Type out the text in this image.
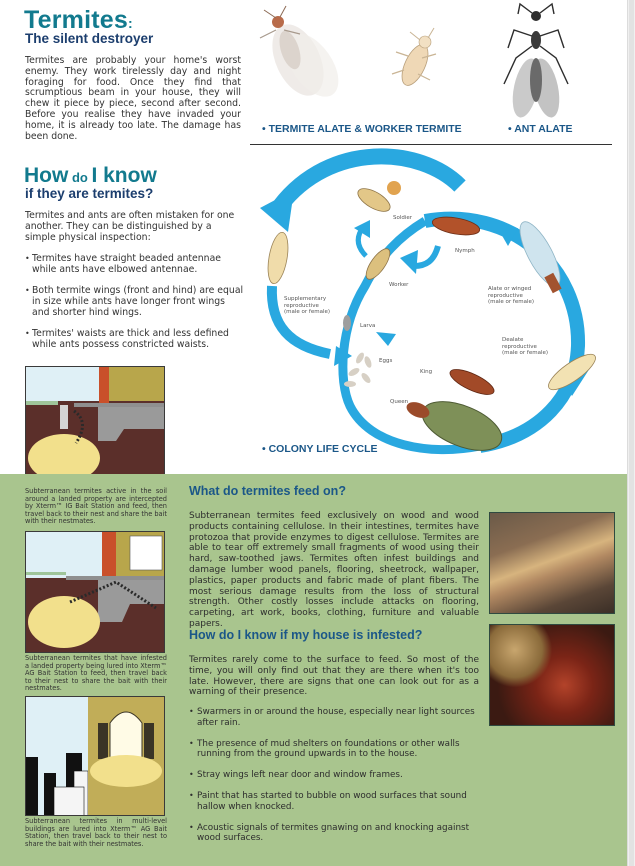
Termites:
The silent destroyer

Termites are probably your home's worst enemy. They work tirelessly day and night foraging for food. Once they find that scrumptious beam in your house, they will chew it piece by piece, second after second. Before you realise they have invaded your home, it is already too late. The damage has been done.

How do I know
if they are termites?

Termites and ants are often mistaken for one another. They can be distinguished by a simple physical inspection:

• Termites have straight beaded antennae while ants have elbowed antennae.
• Both termite wings (front and hind) are equal in size while ants have longer front wings and shorter hind wings.
• Termites' waists are thick and less defined while ants possess constricted waists.
• TERMITE ALATE & WORKER TERMITE	• ANT ALATE
Soldier
Nymph
Worker
Supplementary
reproductive
(male or female)
Alate or winged
reproductive
(male or female)
Larva
Dealate
reproductive
(male or female)
Eggs
King
Queen
• COLONY LIFE CYCLE
Subterranean termites active in the soil around a landed property are intercepted by Xterm™ IG Bait Station and feed, then travel back to their nest and share the bait with their nestmates.
Subterranean termites that have infested a landed property being lured into Xterm™ AG Bait Station to feed, then travel back to their nest to share the bait with their nestmates.
Subterranean termites in multi-level buildings are lured into Xterm™ AG Bait Station, then travel back to their nest to share the bait with their nestmates.
What do termites feed on?

Subterranean termites feed exclusively on wood and wood products containing cellulose. In their intestines, termites have protozoa that provide enzymes to digest cellulose. Termites are able to tear off extremely small fragments of wood using their hard, saw-toothed jaws. Termites often infest buildings and damage lumber wood panels, flooring, sheetrock, wallpaper, plastics, paper products and fabric made of plant fibers. The most serious damage results from the loss of structural strength. Other costly losses include attacks on flooring, carpeting, art work, books, clothing, furniture and valuable papers.

How do I know if my house is infested?

Termites rarely come to the surface to feed. So most of the time, you will only find out that they are there when it's too late. However, there are signs that one can look out for as a warning of their presence.

• Swarmers in or around the house, especially near light sources after rain.
• The presence of mud shelters on foundations or other walls running from the ground upwards in to the house.
• Stray wings left near door and window frames.
• Paint that has started to bubble on wood surfaces that sound hallow when knocked.
• Acoustic signals of termites gnawing on and knocking against wood surfaces.
